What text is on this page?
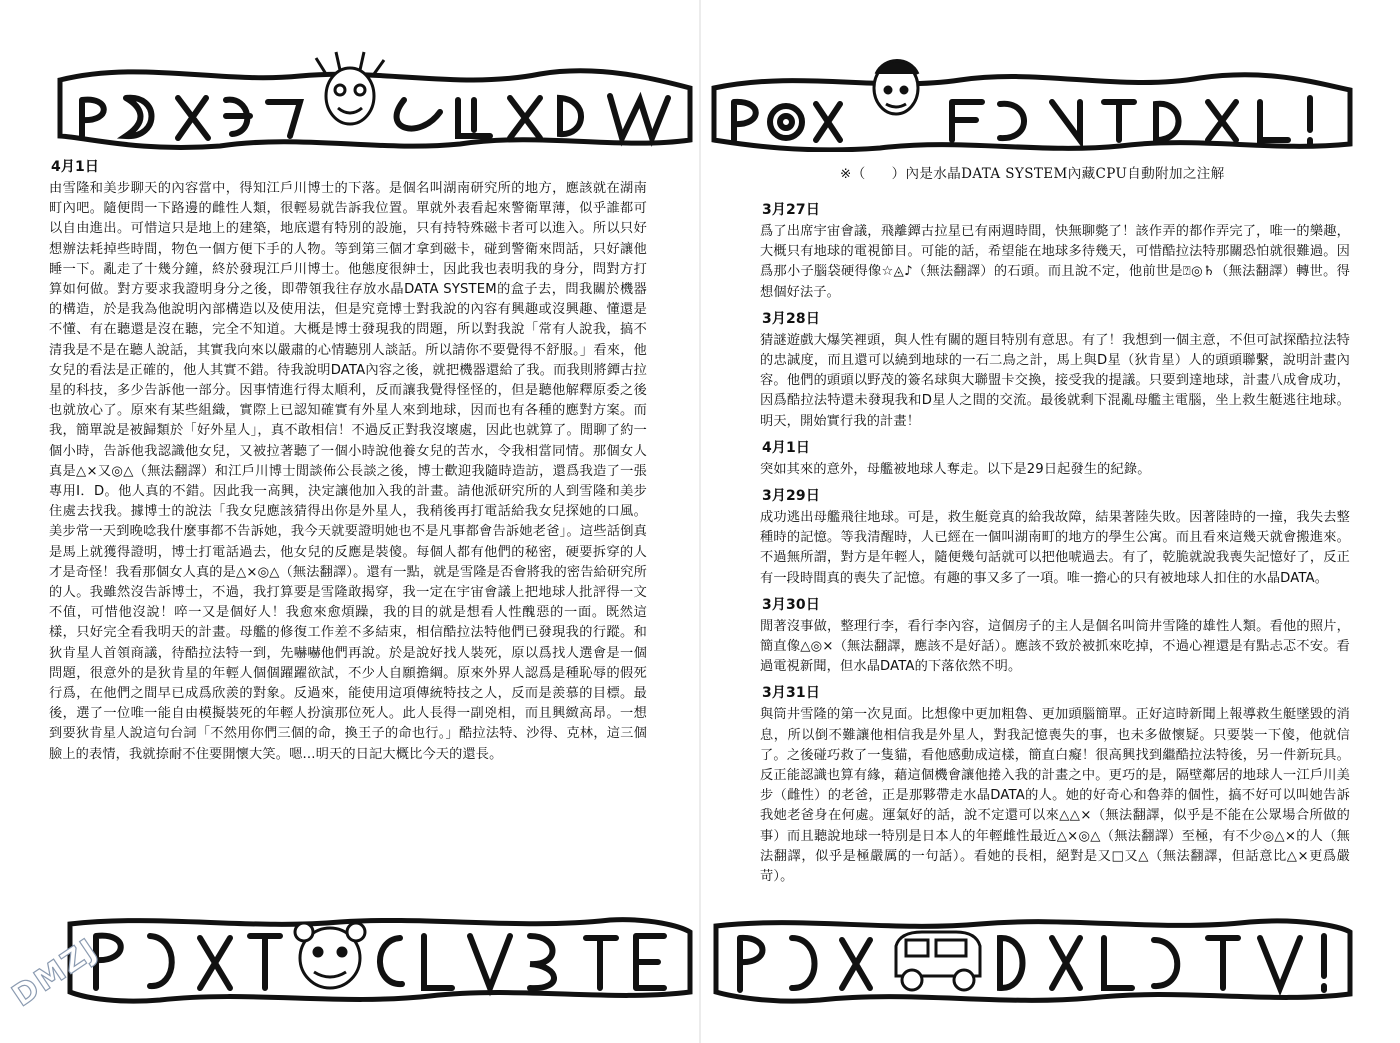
4月1日

由雪隆和美步聊天的內容當中，得知江戶川博士的下落。是個名叫湖南研究所的地方，應該就在湖南町內吧。隨便問一下路邊的雌性人類，很輕易就告訴我位置。單就外表看起來警衛單薄，似乎誰都可以自由進出。可惜這只是地上的建築，地底還有特別的設施，只有持特殊磁卡者可以進入。所以只好想辦法耗掉些時間，物色一個方便下手的人物。等到第三個才拿到磁卡，碰到警衛來問話，只好讓他睡一下。亂走了十幾分鐘，終於發現江戶川博士。他態度很紳士，因此我也表明我的身分，問對方打算如何做。對方要求我證明身分之後，即帶領我往存放水晶DATA SYSTEM的盒子去，問我關於機器的構造，於是我為他說明內部構造以及使用法，但是究竟博士對我說的內容有興趣或沒興趣、懂還是不懂、有在聽還是沒在聽，完全不知道。大概是博士發現我的問題，所以對我說「常有人說我，搞不清我是不是在聽人說話，其實我向來以嚴肅的心情聽別人談話。所以請你不要覺得不舒服。」看來，他女兒的看法是正確的，他人其實不錯。待我說明DATA內容之後，就把機器還給了我。而我則將鐔古拉星的科技，多少告訴他一部分。因事情進行得太順利，反而讓我覺得怪怪的，但是聽他解釋原委之後也就放心了。原來有某些組織，實際上已認知確實有外星人來到地球，因而也有各種的應對方案。而我，簡單說是被歸類於「好外星人」，真不敢相信！不過反正對我沒壞處，因此也就算了。閒聊了約一個小時，告訴他我認識他女兒，又被拉著聽了一個小時說他養女兒的苦水，令我相當同情。那個女人真是△×又◎△（無法翻譯）和江戶川博士閒談佈公長談之後，博士歡迎我隨時造訪，還爲我造了一張專用I．D。他人真的不錯。因此我一高興，決定讓他加入我的計畫。請他派研究所的人到雪隆和美步住處去找我。據博士的說法「我女兒應該猜得出你是外星人，我稍後再打電話給我女兒探她的口風。美步常一天到晚唸我什麼事都不告訴她，我今天就要證明她也不是凡事都會告訴她老爸」。這些話倒真是馬上就獲得證明，博士打電話過去，他女兒的反應是裝傻。每個人都有他們的秘密，硬要拆穿的人才是奇怪！我看那個女人真的是△×◎△（無法翻譯）。還有一點，就是雪隆是否會將我的密告給研究所的人。我雖然沒告訴博士，不過，我打算要是雪隆敢揭穿，我一定在宇宙會議上把地球人批評得一文不值，可惜他沒說！啐一又是個好人！我愈來愈煩躁，我的目的就是想看人性醜惡的一面。既然這樣，只好完全看我明天的計畫。母艦的修復工作差不多結束，相信酷拉法特他們已發現我的行蹤。和狄肯星人首領商議，待酷拉法特一到，先嚇嚇他們再說。於是說好找人裝死，原以爲找人選會是一個問題，很意外的是狄肯星的年輕人個個躍躍欲試，不少人自願擔綱。原來外界人認爲是種恥辱的假死行爲，在他們之間早已成爲欣羨的對象。反過來，能使用這項傳統特技之人，反而是羨慕的目標。最後，選了一位唯一能自由模擬裝死的年輕人扮演那位死人。此人長得一副兇相，而且興緻高昂。一想到要狄肯星人說這句台詞「不然用你們三個的命，換王子的命也行。」酷拉法特、沙得、克林，這三個臉上的表情，我就捺耐不住要開懷大笑。嗯…明天的日記大概比今天的還長。

※（ ）內是水晶DATA SYSTEM內藏CPU自動附加之注解
3月27日

爲了出席宇宙會議，飛離鐔古拉星已有兩週時間，快無聊斃了！該作弄的都作弄完了，唯一的樂趣，大概只有地球的電視節目。可能的話，希望能在地球多待幾天，可惜酷拉法特那關恐怕就很難過。因爲那小子腦袋硬得像☆◬♪（無法翻譯）的石頭。而且說不定，他前世是⍰◎♄（無法翻譯）轉世。得想個好法子。

3月28日

猜謎遊戲大爆笑裡頭，與人性有關的題目特別有意思。有了！我想到一個主意，不但可試探酷拉法特的忠誠度，而且還可以繞到地球的一石二鳥之計，馬上與D星（狄肯星）人的頭頭聯繫，說明計畫內容。他們的頭頭以野茂的簽名球與大聯盟卡交換，接受我的提議。只要到達地球，計畫八成會成功，因爲酷拉法特還未發現我和D星人之間的交流。最後就剩下混亂母艦主電腦，坐上救生艇逃往地球。明天，開始實行我的計畫！

4月1日

突如其來的意外，母艦被地球人奪走。以下是29日起發生的紀錄。

3月29日

成功逃出母艦飛往地球。可是，救生艇竟真的給我故障，結果著陸失敗。因著陸時的一撞，我失去整種時的記憶。等我清醒時，人已經在一個叫湖南町的地方的學生公寓。而且看來這幾天就會搬進來。不過無所謂，對方是年輕人，隨便幾句話就可以把他唬過去。有了，乾脆就說我喪失記憶好了，反正有一段時間真的喪失了記憶。有趣的事又多了一項。唯一擔心的只有被地球人扣住的水晶DATA。

3月30日

閒著沒事做，整理行李，看行李內容，這個房子的主人是個名叫筒井雪隆的雄性人類。看他的照片，簡直像△◎×（無法翻譯，應該不是好話）。應該不致於被抓來吃掉，不過心裡還是有點忐忑不安。看過電視新聞，但水晶DATA的下落依然不明。

3月31日

與筒井雪隆的第一次見面。比想像中更加粗魯、更加頭腦簡單。正好這時新聞上報導救生艇墜毀的消息，所以倒不難讓他相信我是外星人，對我記憶喪失的事，也未多做懷疑。只要裝一下傻，他就信了。之後碰巧救了一隻貓，看他感動成這樣，簡直白癡！很高興找到繼酷拉法特後，另一件新玩具。反正能認識也算有緣，藉這個機會讓他捲入我的計畫之中。更巧的是，隔壁鄰居的地球人一江戶川美步（雌性）的老爸，正是那夥帶走水晶DATA的人。她的好奇心和魯莽的個性，搞不好可以叫她告訴我她老爸身在何處。運氣好的話，說不定還可以來△△×（無法翻譯，似乎是不能在公眾場合所做的事）而且聽說地球一特別是日本人的年輕雌性最近△×◎△（無法翻譯）至極，有不少◎△×的人（無法翻譯，似乎是極嚴厲的一句話）。看她的長相，絕對是又□又△（無法翻譯，但話意比△×更爲嚴苛）。

DMZJ
